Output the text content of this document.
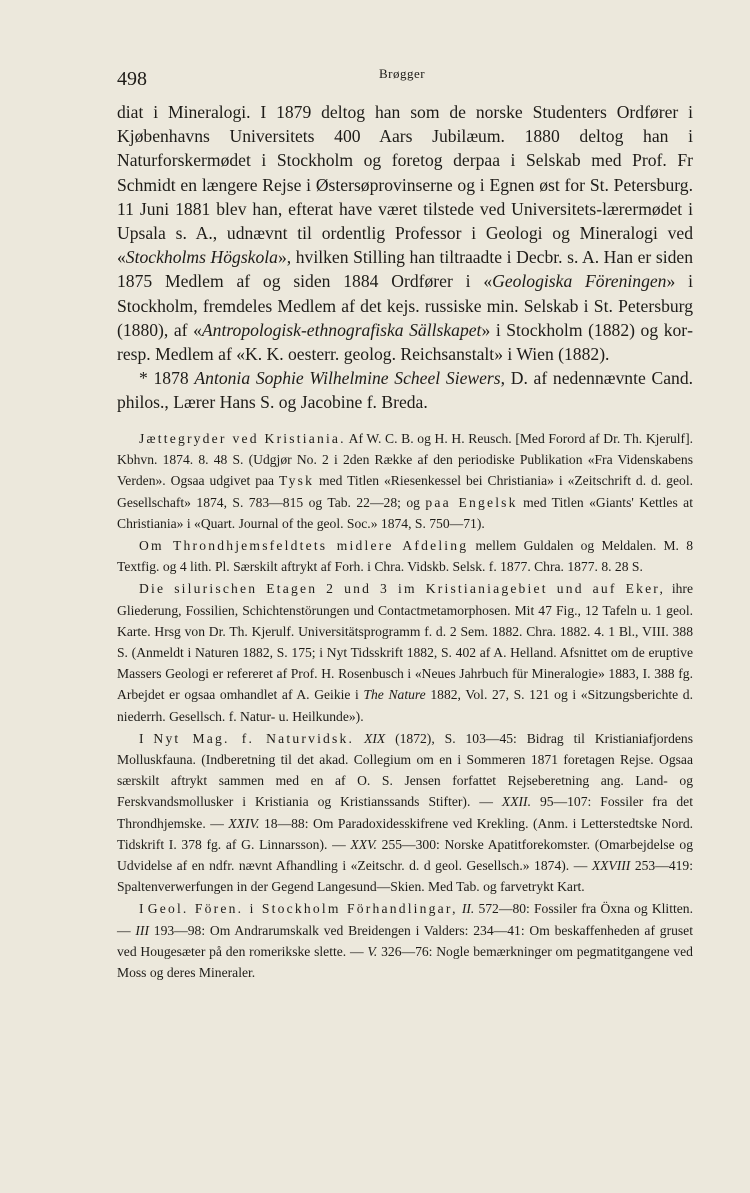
498	Brøgger

diat i Mineralogi. I 1879 deltog han som de norske Studenters Ordfører i Kjøbenhavns Universitets 400 Aars Jubilæum. 1880 deltog han i Naturforskermødet i Stockholm og foretog derpaa i Selskab med Prof. Fr Schmidt en længere Rejse i Østersøprovinserne og i Egnen øst for St. Petersburg. 11 Juni 1881 blev han, efterat have været tilstede ved Universitets-lærermødet i Upsala s. A., udnævnt til ordentlig Professor i Geologi og Mineralogi ved «Stockholms Högskola», hvilken Stilling han tiltraadte i Decbr. s. A. Han er siden 1875 Medlem af og siden 1884 Ordfører i «Geologiska Föreningen» i Stockholm, fremdeles Medlem af det kejs. russiske min. Selskab i St. Petersburg (1880), af «Antropologisk-ethnografiska Sällskapet» i Stockholm (1882) og korresp. Medlem af «K. K. oesterr. geolog. Reichsanstalt» i Wien (1882).

* 1878 Antonia Sophie Wilhelmine Scheel Siewers, D. af nedennævnte Cand. philos., Lærer Hans S. og Jacobine f. Breda.

Jættegryder ved Kristiania. Af W. C. B. og H. H. Reusch. [Med Forord af Dr. Th. Kjerulf]. Kbhvn. 1874. 8. 48 S. (Udgjør No. 2 i 2den Række af den periodiske Publikation «Fra Videnskabens Verden». Ogsaa udgivet paa Tysk med Titlen «Riesenkessel bei Christiania» i «Zeitschrift d. d. geol. Gesellschaft» 1874, S. 783—815 og Tab. 22—28; og paa Engelsk med Titlen «Giants' Kettles at Christiania» i «Quart. Journal of the geol. Soc.» 1874, S. 750—71).

Om Throndhjemsfeldtets midlere Afdeling mellem Guldalen og Meldalen. M. 8 Textfig. og 4 lith. Pl. Særskilt aftrykt af Forh. i Chra. Vidskb. Selsk. f. 1877. Chra. 1877. 8. 28 S.

Die silurischen Etagen 2 und 3 im Kristianiagebiet und auf Eker, ihre Gliederung, Fossilien, Schichtenstörungen und Contactmetamorphosen. Mit 47 Fig., 12 Tafeln u. 1 geol. Karte. Hrsg von Dr. Th. Kjerulf. Universitätsprogramm f. d. 2 Sem. 1882. Chra. 1882. 4. 1 Bl., VIII. 388 S. (Anmeldt i Naturen 1882, S. 175; i Nyt Tidsskrift 1882, S. 402 af A. Helland. Afsnittet om de eruptive Massers Geologi er refereret af Prof. H. Rosenbusch i «Neues Jahrbuch für Mineralogie» 1883, I. 388 fg. Arbejdet er ogsaa omhandlet af A. Geikie i The Nature 1882, Vol. 27, S. 121 og i «Sitzungsberichte d. niederrh. Gesellsch. f. Natur- u. Heilkunde»).

I Nyt Mag. f. Naturvidsk. XIX (1872), S. 103—45: Bidrag til Kristianiafjordens Molluskfauna. (Indberetning til det akad. Collegium om en i Sommeren 1871 foretagen Rejse. Ogsaa særskilt aftrykt sammen med en af O. S. Jensen forfattet Rejseberetning ang. Land- og Ferskvandsmollusker i Kristiania og Kristianssands Stifter). — XXII. 95—107: Fossiler fra det Throndhjemske. — XXIV. 18—88: Om Paradoxidesskifrene ved Krekling. (Anm. i Letterstedtske Nord. Tidskrift I. 378 fg. af G. Linnarsson). — XXV. 255—300: Norske Apatitforekomster. (Omarbejdelse og Udvidelse af en ndfr. nævnt Afhandling i «Zeitschr. d. d geol. Gesellsch.» 1874). — XXVIII 253—419: Spaltenverwerfungen in der Gegend Langesund—Skien. Med Tab. og farvetrykt Kart.

I Geol. Fören. i Stockholm Förhandlingar, II. 572—80: Fossiler fra Öxna og Klitten. — III 193—98: Om Andrarumskalk ved Breidengen i Valders: 234—41: Om beskaffenheden af gruset ved Hougesæter på den romerikske slette. — V. 326—76: Nogle bemærkninger om pegmatitgangene ved Moss og deres Mineraler.
